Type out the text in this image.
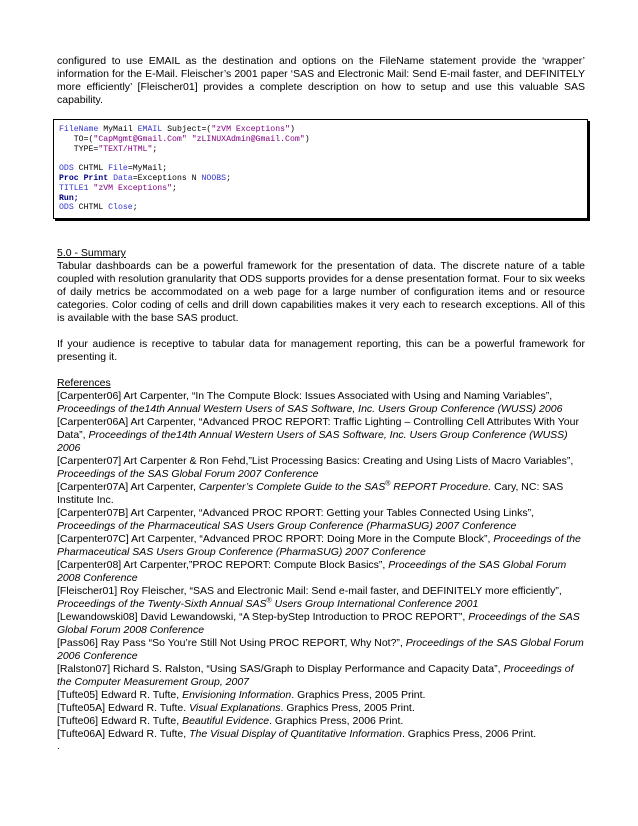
configured to use EMAIL as the destination and options on the FileName statement provide the ‘wrapper’ information for the E-Mail. Fleischer’s 2001 paper ‘SAS and Electronic Mail: Send E-mail faster, and DEFINITELY more efficiently’ [Fleischer01] provides a complete description on how to setup and use this valuable SAS capability.

FileName MyMail EMAIL Subject=("zVM Exceptions")
TO=("CapMgmt@Gmail.Com" "zLINUXAdmin@Gmail.Com")
TYPE="TEXT/HTML";
ODS CHTML File=MyMail;
Proc Print Data=Exceptions N NOOBS;
TITLE1 "zVM Exceptions";
Run;
ODS CHTML Close;

5.0 - Summary

Tabular dashboards can be a powerful framework for the presentation of data. The discrete nature of a table coupled with resolution granularity that ODS supports provides for a dense presentation format. Four to six weeks of daily metrics be accommodated on a web page for a large number of configuration items and or resource categories. Color coding of cells and drill down capabilities makes it very each to research exceptions. All of this is available with the base SAS product.

If your audience is receptive to tabular data for management reporting, this can be a powerful framework for presenting it.

References

[Carpenter06] Art Carpenter, “In The Compute Block: Issues Associated with Using and Naming Variables”, Proceedings of the14th Annual Western Users of SAS Software, Inc. Users Group Conference (WUSS) 2006

[Carpenter06A] Art Carpenter, “Advanced PROC REPORT: Traffic Lighting – Controlling Cell Attributes With Your Data”, Proceedings of the14th Annual Western Users of SAS Software, Inc. Users Group Conference (WUSS) 2006

[Carpenter07] Art Carpenter & Ron Fehd,”List Processing Basics: Creating and Using Lists of Macro Variables”, Proceedings of the SAS Global Forum 2007 Conference

[Carpenter07A] Art Carpenter, Carpenter’s Complete Guide to the SAS® REPORT Procedure. Cary, NC: SAS Institute Inc.

[Carpenter07B] Art Carpenter, “Advanced PROC RPORT: Getting your Tables Connected Using Links”, Proceedings of the Pharmaceutical SAS Users Group Conference (PharmaSUG) 2007 Conference

[Carpenter07C] Art Carpenter, “Advanced PROC RPORT: Doing More in the Compute Block”, Proceedings of the Pharmaceutical SAS Users Group Conference (PharmaSUG) 2007 Conference

[Carpenter08] Art Carpenter,”PROC REPORT: Compute Block Basics”, Proceedings of the SAS Global Forum 2008 Conference

[Fleischer01] Roy Fleischer, “SAS and Electronic Mail: Send e-mail faster, and DEFINITELY more efficiently”, Proceedings of the Twenty-Sixth Annual SAS® Users Group International Conference 2001

[Lewandowski08] David Lewandowski, “A Step-byStep Introduction to PROC REPORT”, Proceedings of the SAS Global Forum 2008 Conference

[Pass06] Ray Pass “So You’re Still Not Using PROC REPORT, Why Not?”, Proceedings of the SAS Global Forum 2006 Conference

[Ralston07] Richard S. Ralston, “Using SAS/Graph to Display Performance and Capacity Data”, Proceedings of the Computer Measurement Group, 2007

[Tufte05] Edward R. Tufte, Envisioning Information. Graphics Press, 2005 Print.

[Tufte05A] Edward R. Tufte. Visual Explanations. Graphics Press, 2005 Print.

[Tufte06] Edward R. Tufte, Beautiful Evidence. Graphics Press, 2006 Print.

[Tufte06A] Edward R. Tufte, The Visual Display of Quantitative Information. Graphics Press, 2006 Print.

.
